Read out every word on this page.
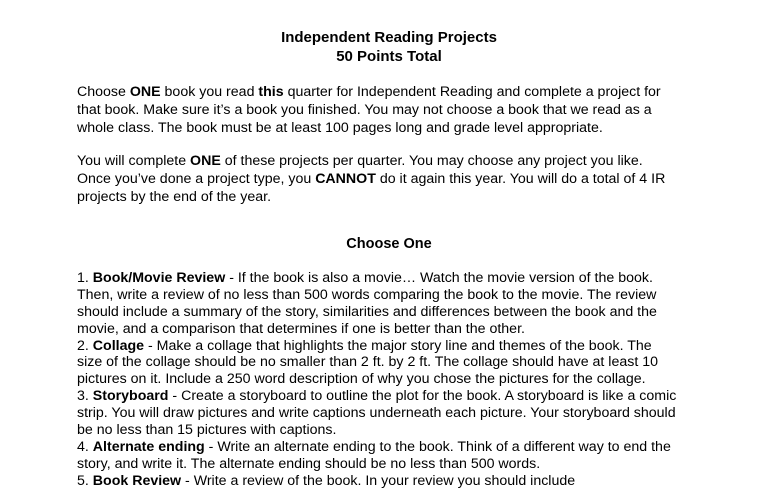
Independent Reading Projects
50 Points Total
Choose ONE book you read this quarter for Independent Reading and complete a project for
that book. Make sure it’s a book you finished. You may not choose a book that we read as a
whole class. The book must be at least 100 pages long and grade level appropriate.
You will complete ONE of these projects per quarter. You may choose any project you like.
Once you’ve done a project type, you CANNOT do it again this year. You will do a total of 4 IR
projects by the end of the year.
Choose One
1. Book/Movie Review - If the book is also a movie… Watch the movie version of the book.
Then, write a review of no less than 500 words comparing the book to the movie. The review
should include a summary of the story, similarities and differences between the book and the
movie, and a comparison that determines if one is better than the other.
2. Collage - Make a collage that highlights the major story line and themes of the book. The
size of the collage should be no smaller than 2 ft. by 2 ft. The collage should have at least 10
pictures on it. Include a 250 word description of why you chose the pictures for the collage.
3. Storyboard - Create a storyboard to outline the plot for the book. A storyboard is like a comic
strip. You will draw pictures and write captions underneath each picture. Your storyboard should
be no less than 15 pictures with captions.
4. Alternate ending - Write an alternate ending to the book. Think of a different way to end the
story, and write it. The alternate ending should be no less than 500 words.
5. Book Review - Write a review of the book. In your review you should include
